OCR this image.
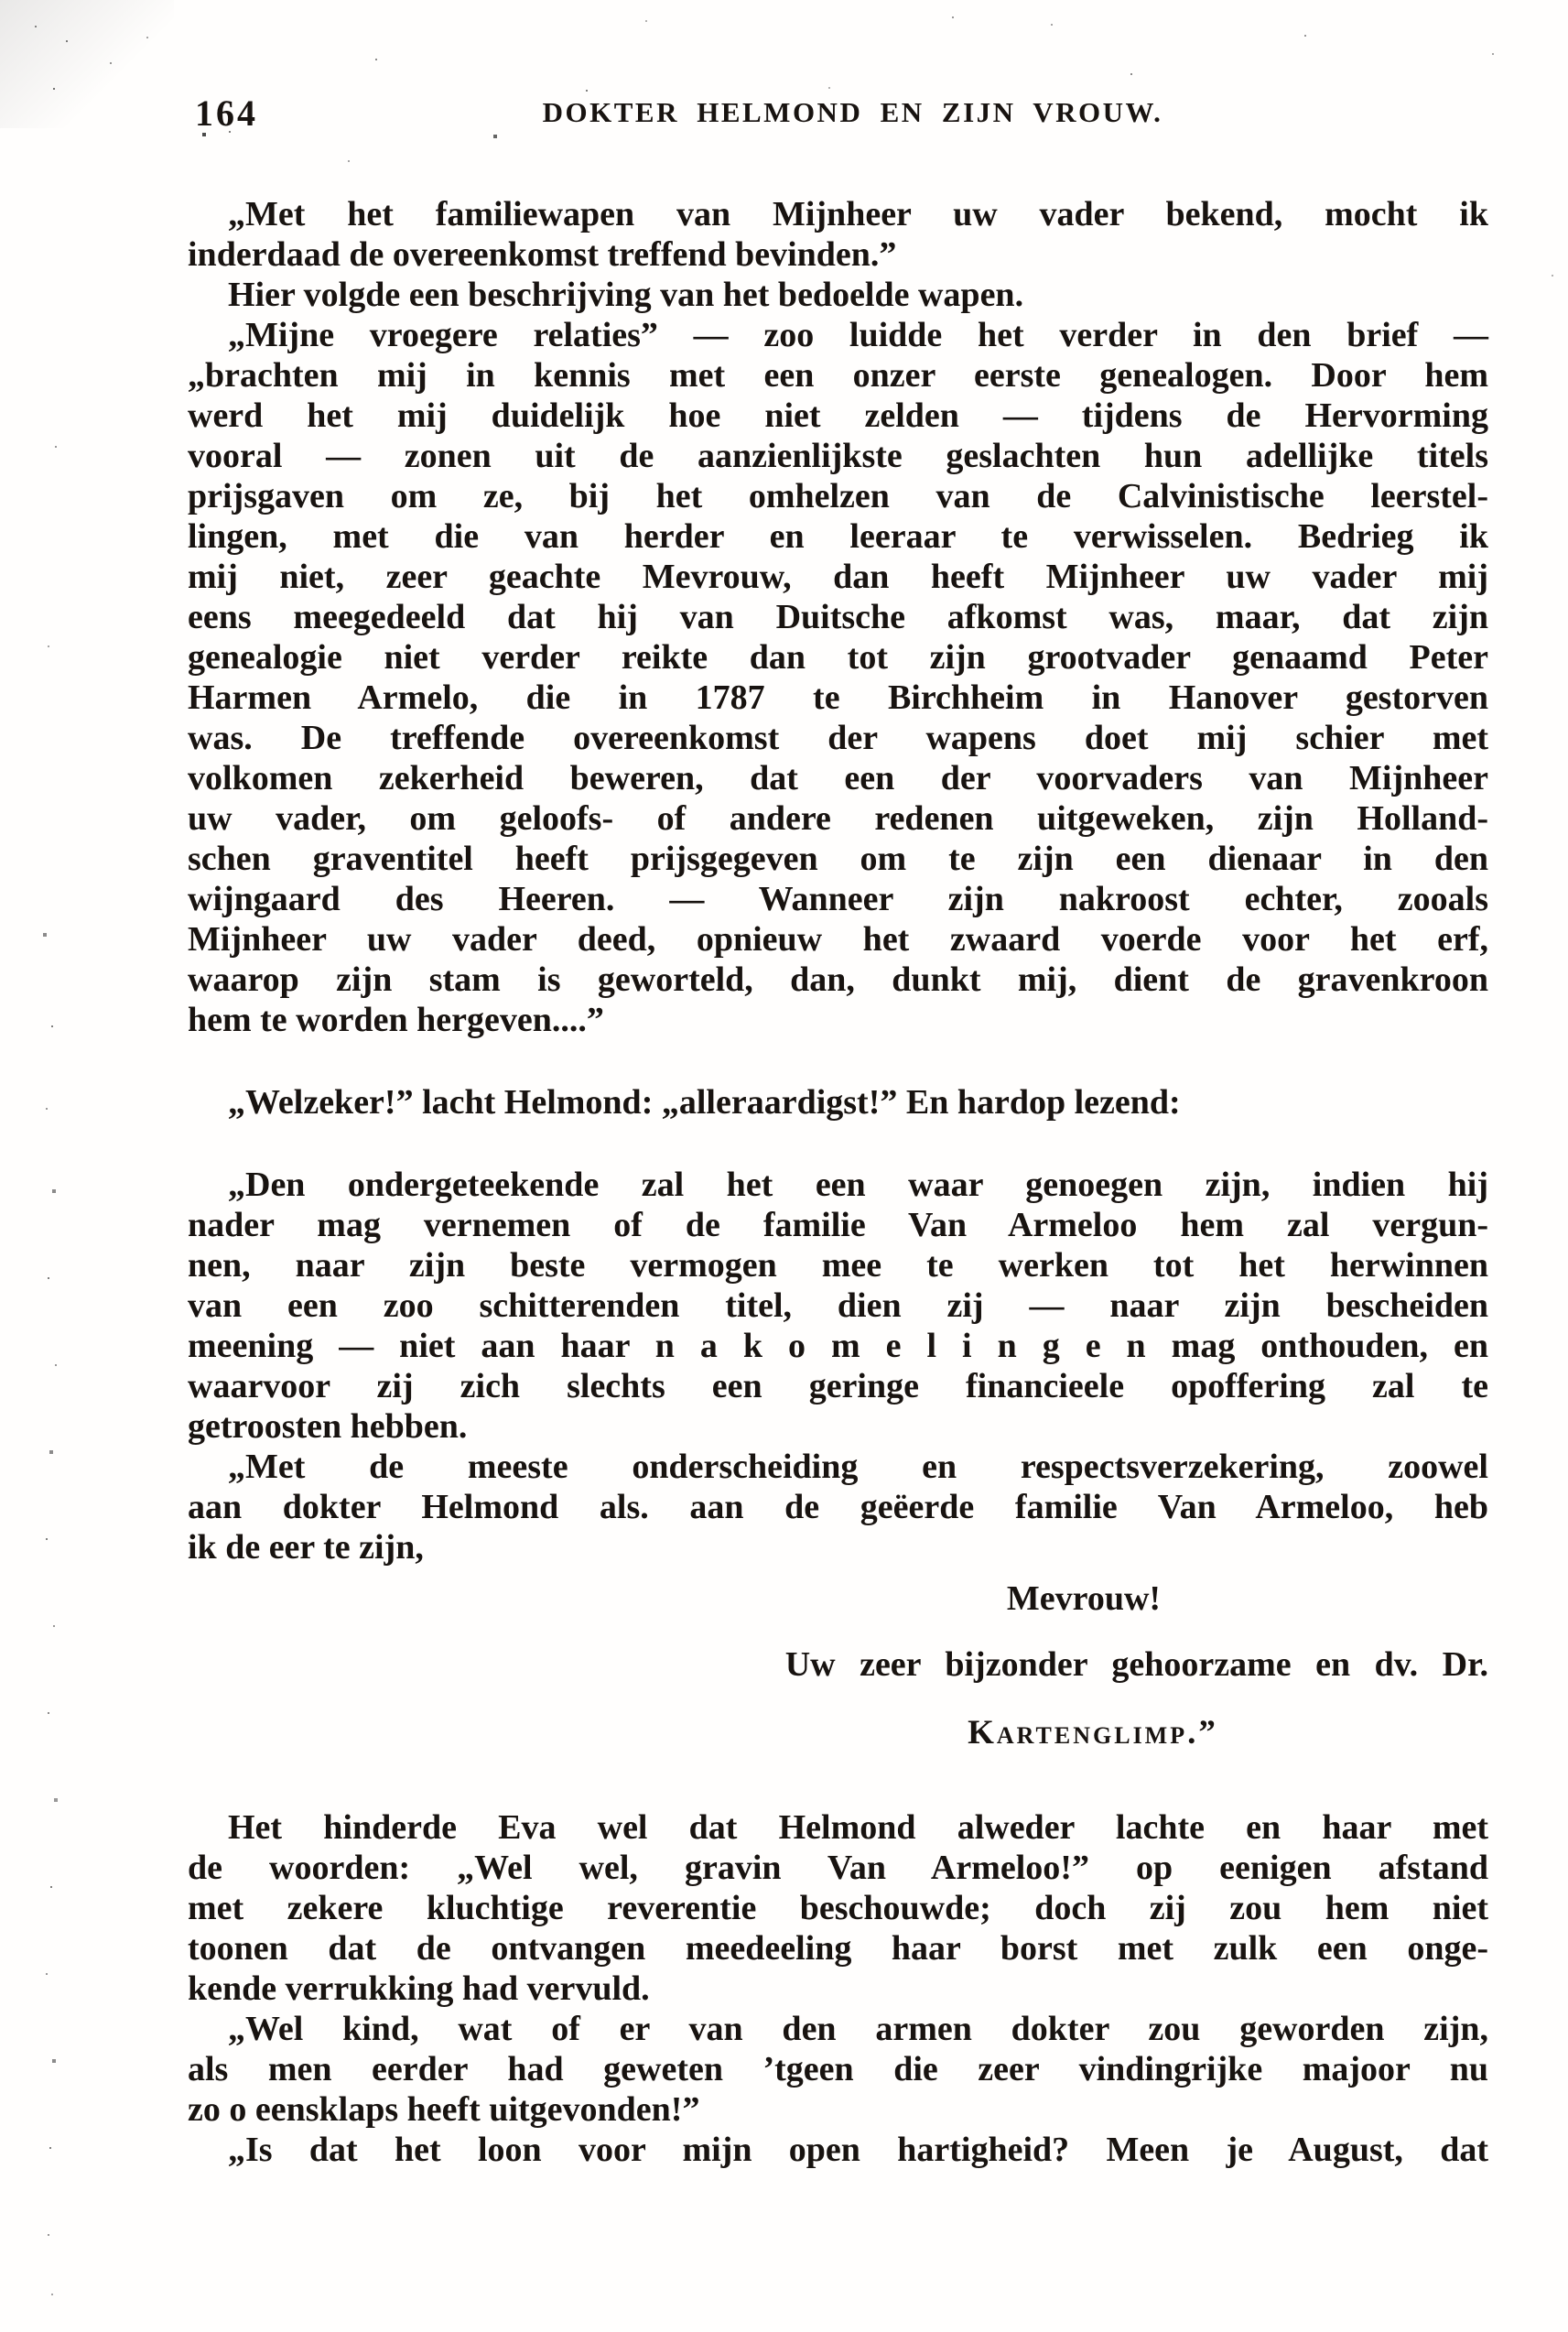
164	DOKTER HELMOND EN ZIJN VROUW.
„Met het familiewapen van Mijnheer uw vader bekend, mocht ik
inderdaad de overeenkomst treffend bevinden.”
Hier volgde een beschrijving van het bedoelde wapen.
„Mijne vroegere relaties” — zoo luidde het verder in den brief —
„brachten mij in kennis met een onzer eerste genealogen. Door hem
werd het mij duidelijk hoe niet zelden — tijdens de Hervorming
vooral — zonen uit de aanzienlijkste geslachten hun adellijke titels
prijsgaven om ze, bij het omhelzen van de Calvinistische leerstel-
lingen, met die van herder en leeraar te verwisselen. Bedrieg ik
mij niet, zeer geachte Mevrouw, dan heeft Mijnheer uw vader mij
eens meegedeeld dat hij van Duitsche afkomst was, maar, dat zijn
genealogie niet verder reikte dan tot zijn grootvader genaamd Peter
Harmen Armelo, die in 1787 te Birchheim in Hanover gestorven
was. De treffende overeenkomst der wapens doet mij schier met
volkomen zekerheid beweren, dat een der voorvaders van Mijnheer
uw vader, om geloofs- of andere redenen uitgeweken, zijn Holland-
schen graventitel heeft prijsgegeven om te zijn een dienaar in den
wijngaard des Heeren. — Wanneer zijn nakroost echter, zooals
Mijnheer uw vader deed, opnieuw het zwaard voerde voor het erf,
waarop zijn stam is geworteld, dan, dunkt mij, dient de gravenkroon
hem te worden hergeven....”
„Welzeker!” lacht Helmond: „alleraardigst!” En hardop lezend:
„Den ondergeteekende zal het een waar genoegen zijn, indien hij
nader mag vernemen of de familie Van Armeloo hem zal vergun-
nen, naar zijn beste vermogen mee te werken tot het herwinnen
van een zoo schitterenden titel, dien zij — naar zijn bescheiden
meening — niet aan haar n a k o m e l i n g e n mag onthouden, en
waarvoor zij zich slechts een geringe financieele opoffering zal te
getroosten hebben.
„Met de meeste onderscheiding en respectsverzekering, zoowel
aan dokter Helmond als. aan de geëerde familie Van Armeloo, heb
ik de eer te zijn,
Mevrouw!
Uw zeer bijzonder gehoorzame en dv. Dr.
Kartenglimp.”
Het hinderde Eva wel dat Helmond alweder lachte en haar met
de woorden: „Wel wel, gravin Van Armeloo!” op eenigen afstand
met zekere kluchtige reverentie beschouwde; doch zij zou hem niet
toonen dat de ontvangen meedeeling haar borst met zulk een onge-
kende verrukking had vervuld.
„Wel kind, wat of er van den armen dokter zou geworden zijn,
als men eerder had geweten ’tgeen die zeer vindingrijke majoor nu
zo o eensklaps heeft uitgevonden!”
„Is dat het loon voor mijn open hartigheid? Meen je August, dat
